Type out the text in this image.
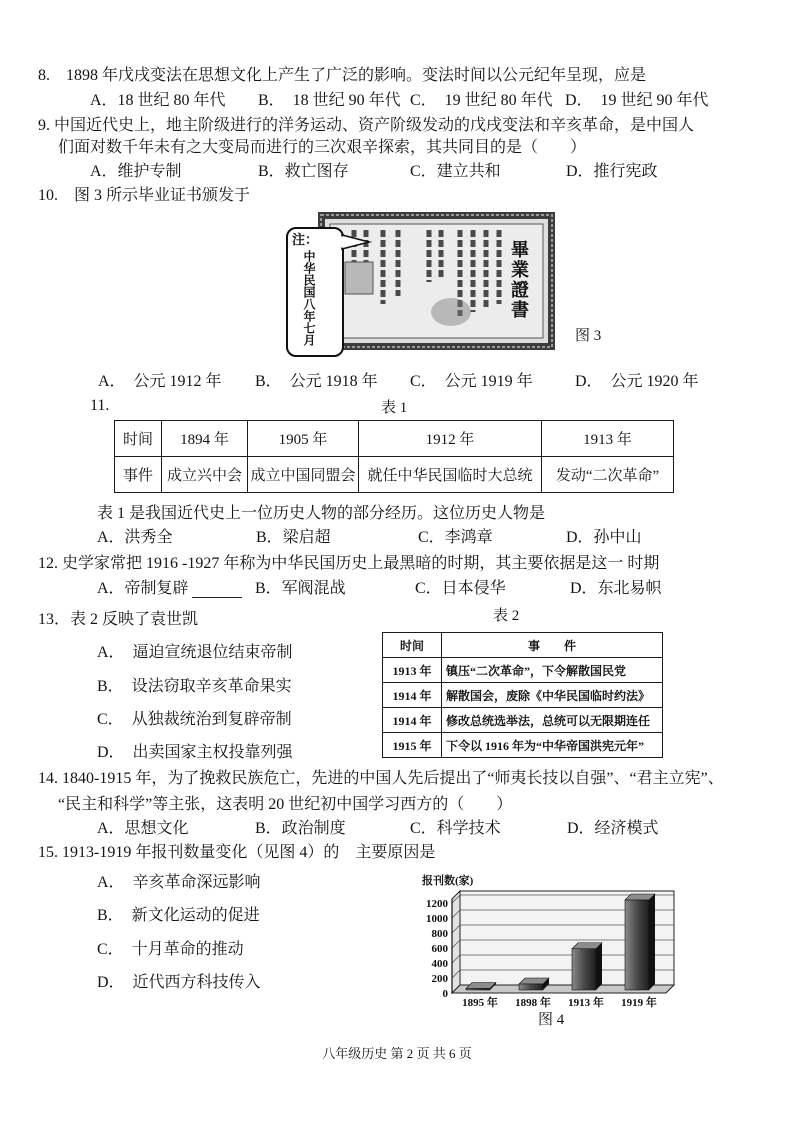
8.　1898 年戊戌变法在思想文化上产生了广泛的影响。变法时间以公元纪年呈现，应是
A．18 世纪 80 年代 B．　18 世纪 90 年代 C．　19 世纪 80 年代 D．　19 世纪 90 年代
9. 中国近代史上，地主阶级进行的洋务运动、资产阶级发动的戊戌变法和辛亥革命，是中国人
们面对数千年未有之大变局而进行的三次艰辛探索，其共同目的是（　　）
A．维护专制	B．救亡图存	C．建立共和	D．推行宪政
10.　图 3 所示毕业证书颁发于
注：
中华民国八年七月	畢業證書
图 3
A．　公元 1912 年 B．　公元 1918 年 C．　公元 1919 年	D．　公元 1920 年
11.	表 1
时间	1894 年	1905 年	1912 年	1913 年
事件	成立兴中会	成立中国同盟会	就任中华民国临时大总统	发动“二次革命”
表 1 是我国近代史上一位历史人物的部分经历。这位历史人物是
A．洪秀全	B．梁启超	C．李鸿章	D．孙中山
12. 史学家常把 1916 -1927 年称为中华民国历史上最黑暗的时期，其主要依据是这一 时期
A．帝制复辟	B．军阀混战	C．日本侵华	D．东北易帜
13．表 2 反映了袁世凯	表 2
时间	事　　件
1913 年	镇压“二次革命”，下令解散国民党
1914 年	解散国会，废除《中华民国临时约法》
1914 年	修改总统选举法，总统可以无限期连任
1915 年	下令以 1916 年为“中华帝国洪宪元年”
A．　逼迫宣统退位结束帝制
B．　设法窃取辛亥革命果实
C．　从独裁统治到复辟帝制
D．　出卖国家主权投靠列强
14. 1840-1915 年，为了挽救民族危亡，先进的中国人先后提出了“师夷长技以自强”、“君主立宪”、
“民主和科学”等主张，这表明 20 世纪初中国学习西方的（　　）
A．思想文化	B．政治制度	C．科学技术	D．经济模式
15. 1913-1919 年报刊数量变化（见图 4）的　主要原因是
A．　辛亥革命深远影响
B．　新文化运动的促进
C．　十月革命的推动
D．　近代西方科技传入
报刊数(家)
0
200
400
600
800
1000
1200
1895 年 1898 年 1913 年 1919 年
图 4
八年级历史 第 2 页 共 6 页
